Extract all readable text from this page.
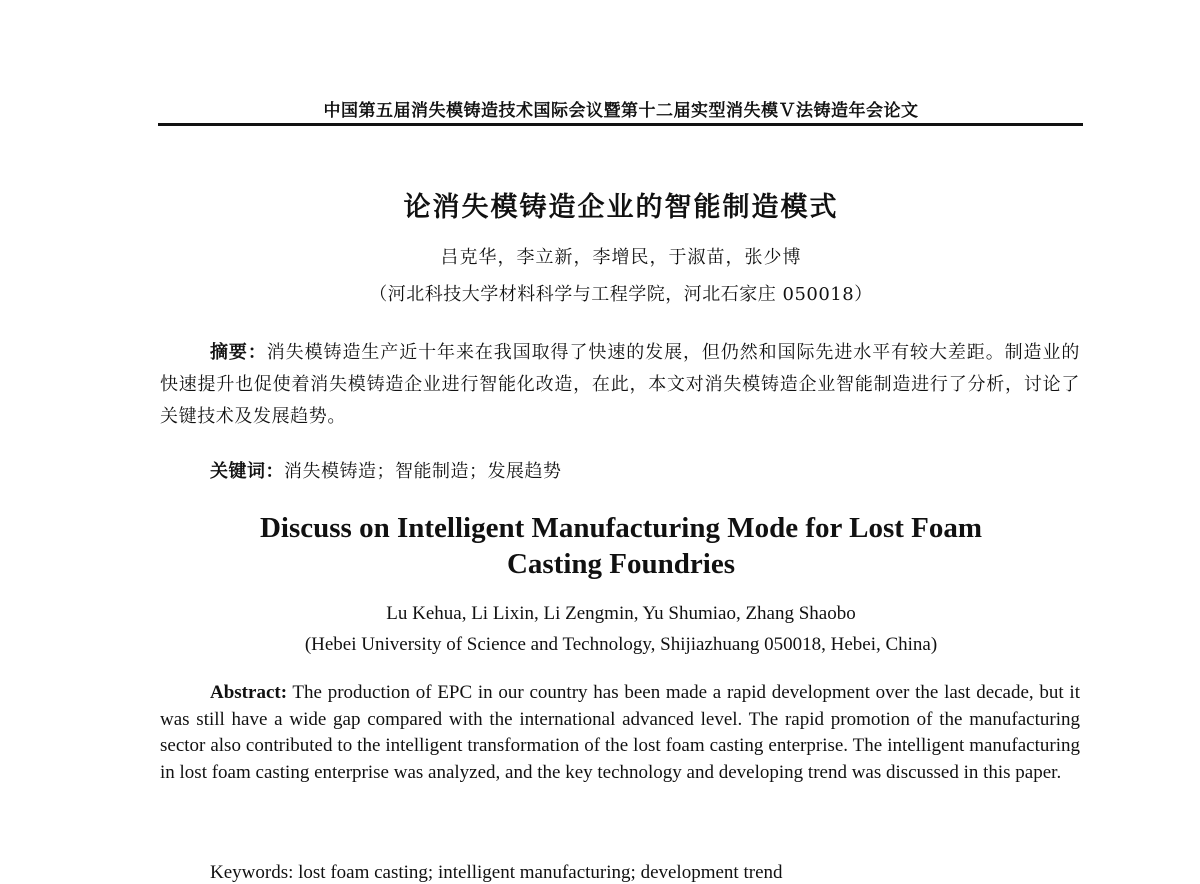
中国第五届消失模铸造技术国际会议暨第十二届实型消失模Ｖ法铸造年会论文
论消失模铸造企业的智能制造模式
吕克华，李立新，李增民，于淑苗，张少博
（河北科技大学材料科学与工程学院，河北石家庄 050018）
摘要：消失模铸造生产近十年来在我国取得了快速的发展，但仍然和国际先进水平有较大差距。制造业的快速提升也促使着消失模铸造企业进行智能化改造，在此，本文对消失模铸造企业智能制造进行了分析，讨论了关键技术及发展趋势。
关键词：消失模铸造；智能制造；发展趋势
Discuss on Intelligent Manufacturing Mode for Lost Foam
Casting Foundries
Lu Kehua, Li Lixin, Li Zengmin, Yu Shumiao, Zhang Shaobo
(Hebei University of Science and Technology, Shijiazhuang 050018, Hebei, China)
Abstract: The production of EPC in our country has been made a rapid development over the last decade, but it was still have a wide gap compared with the international advanced level. The rapid promotion of the manufacturing sector also contributed to the intelligent transformation of the lost foam casting enterprise. The intelligent manufacturing in lost foam casting enterprise was analyzed, and the key technology and developing trend was discussed in this paper.
Keywords: lost foam casting; intelligent manufacturing; development trend
